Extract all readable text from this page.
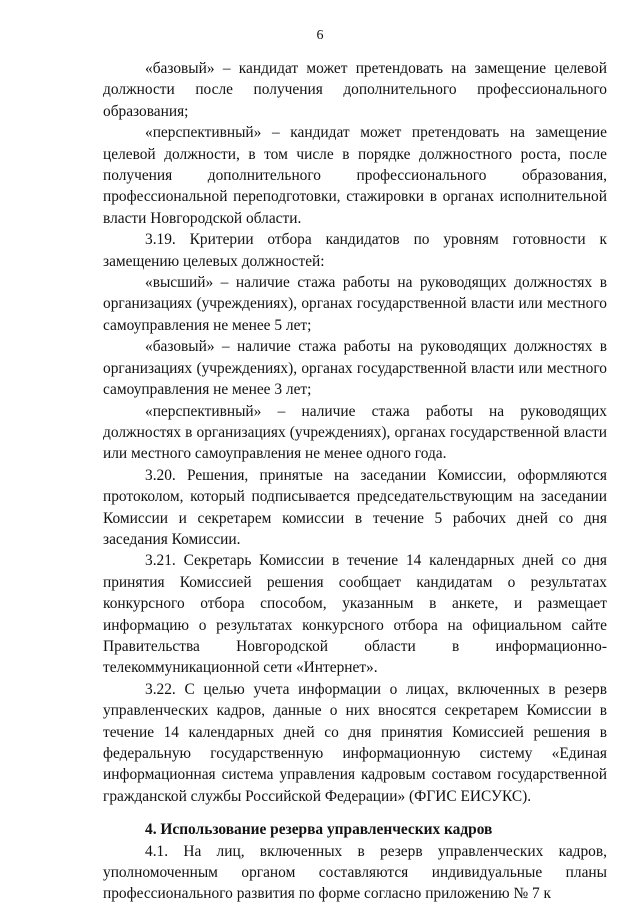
6

«базовый» – кандидат может претендовать на замещение целевой должности после получения дополнительного профессионального образования;

«перспективный» – кандидат может претендовать на замещение целевой должности, в том числе в порядке должностного роста, после получения дополнительного профессионального образования, профессиональной переподготовки, стажировки в органах исполнительной власти Новгородской области.

3.19. Критерии отбора кандидатов по уровням готовности к замещению целевых должностей:

«высший» – наличие стажа работы на руководящих должностях в организациях (учреждениях), органах государственной власти или местного самоуправления не менее 5 лет;

«базовый» – наличие стажа работы на руководящих должностях в организациях (учреждениях), органах государственной власти или местного самоуправления не менее 3 лет;

«перспективный» – наличие стажа работы на руководящих должностях в организациях (учреждениях), органах государственной власти или местного самоуправления не менее одного года.

3.20. Решения, принятые на заседании Комиссии, оформляются протоколом, который подписывается председательствующим на заседании Комиссии и секретарем комиссии в течение 5 рабочих дней со дня заседания Комиссии.

3.21. Секретарь Комиссии в течение 14 календарных дней со дня принятия Комиссией решения сообщает кандидатам о результатах конкурсного отбора способом, указанным в анкете, и размещает информацию о результатах конкурсного отбора на официальном сайте Правительства Новгородской области в информационно-телекоммуникационной сети «Интернет».

3.22. С целью учета информации о лицах, включенных в резерв управленческих кадров, данные о них вносятся секретарем Комиссии в течение 14 календарных дней со дня принятия Комиссией решения в федеральную государственную информационную систему «Единая информационная система управления кадровым составом государственной гражданской службы Российской Федерации» (ФГИС ЕИСУКС).

4. Использование резерва управленческих кадров

4.1. На лиц, включенных в резерв управленческих кадров, уполномоченным органом составляются индивидуальные планы профессионального развития по форме согласно приложению № 7 к
